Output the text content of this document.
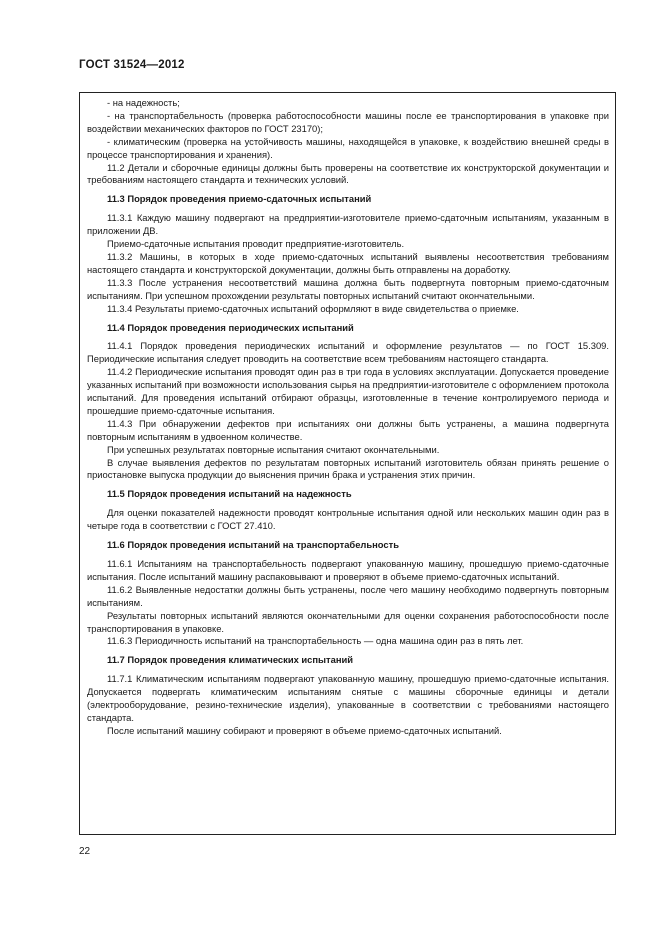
ГОСТ 31524—2012

- на надежность;

- на транспортабельность (проверка работоспособности машины после ее транспортирования в упаковке при воздействии механических факторов по ГОСТ 23170);

- климатическим (проверка на устойчивость машины, находящейся в упаковке, к воздействию внешней среды в процессе транспортирования и хранения).

11.2 Детали и сборочные единицы должны быть проверены на соответствие их конструкторской документации и требованиям настоящего стандарта и технических условий.

11.3 Порядок проведения приемо-сдаточных испытаний

11.3.1 Каждую машину подвергают на предприятии-изготовителе приемо-сдаточным испытаниям, указанным в приложении ДВ.

Приемо-сдаточные испытания проводит предприятие-изготовитель.

11.3.2 Машины, в которых в ходе приемо-сдаточных испытаний выявлены несоответствия требованиям настоящего стандарта и конструкторской документации, должны быть отправлены на доработку.

11.3.3 После устранения несоответствий машина должна быть подвергнута повторным приемо-сдаточным испытаниям. При успешном прохождении результаты повторных испытаний считают окончательными.

11.3.4 Результаты приемо-сдаточных испытаний оформляют в виде свидетельства о приемке.

11.4 Порядок проведения периодических испытаний

11.4.1 Порядок проведения периодических испытаний и оформление результатов — по ГОСТ 15.309. Периодические испытания следует проводить на соответствие всем требованиям настоящего стандарта.

11.4.2 Периодические испытания проводят один раз в три года в условиях эксплуатации. Допускается проведение указанных испытаний при возможности использования сырья на предприятии-изготовителе с оформлением протокола испытаний. Для проведения испытаний отбирают образцы, изготовленные в течение контролируемого периода и прошедшие приемо-сдаточные испытания.

11.4.3 При обнаружении дефектов при испытаниях они должны быть устранены, а машина подвергнута повторным испытаниям в удвоенном количестве.

При успешных результатах повторные испытания считают окончательными.

В случае выявления дефектов по результатам повторных испытаний изготовитель обязан принять решение о приостановке выпуска продукции до выяснения причин брака и устранения этих причин.

11.5 Порядок проведения испытаний на надежность

Для оценки показателей надежности проводят контрольные испытания одной или нескольких машин один раз в четыре года в соответствии с ГОСТ 27.410.

11.6 Порядок проведения испытаний на транспортабельность

11.6.1 Испытаниям на транспортабельность подвергают упакованную машину, прошедшую приемо-сдаточные испытания. После испытаний машину распаковывают и проверяют в объеме приемо-сдаточных испытаний.

11.6.2 Выявленные недостатки должны быть устранены, после чего машину необходимо подвергнуть повторным испытаниям.

Результаты повторных испытаний являются окончательными для оценки сохранения работоспособности после транспортирования в упаковке.

11.6.3 Периодичность испытаний на транспортабельность — одна машина один раз в пять лет.

11.7 Порядок проведения климатических испытаний

11.7.1 Климатическим испытаниям подвергают упакованную машину, прошедшую приемо-сдаточные испытания. Допускается подвергать климатическим испытаниям снятые с машины сборочные единицы и детали (электрооборудование, резино-технические изделия), упакованные в соответствии с требованиями настоящего стандарта.

После испытаний машину собирают и проверяют в объеме приемо-сдаточных испытаний.

22
